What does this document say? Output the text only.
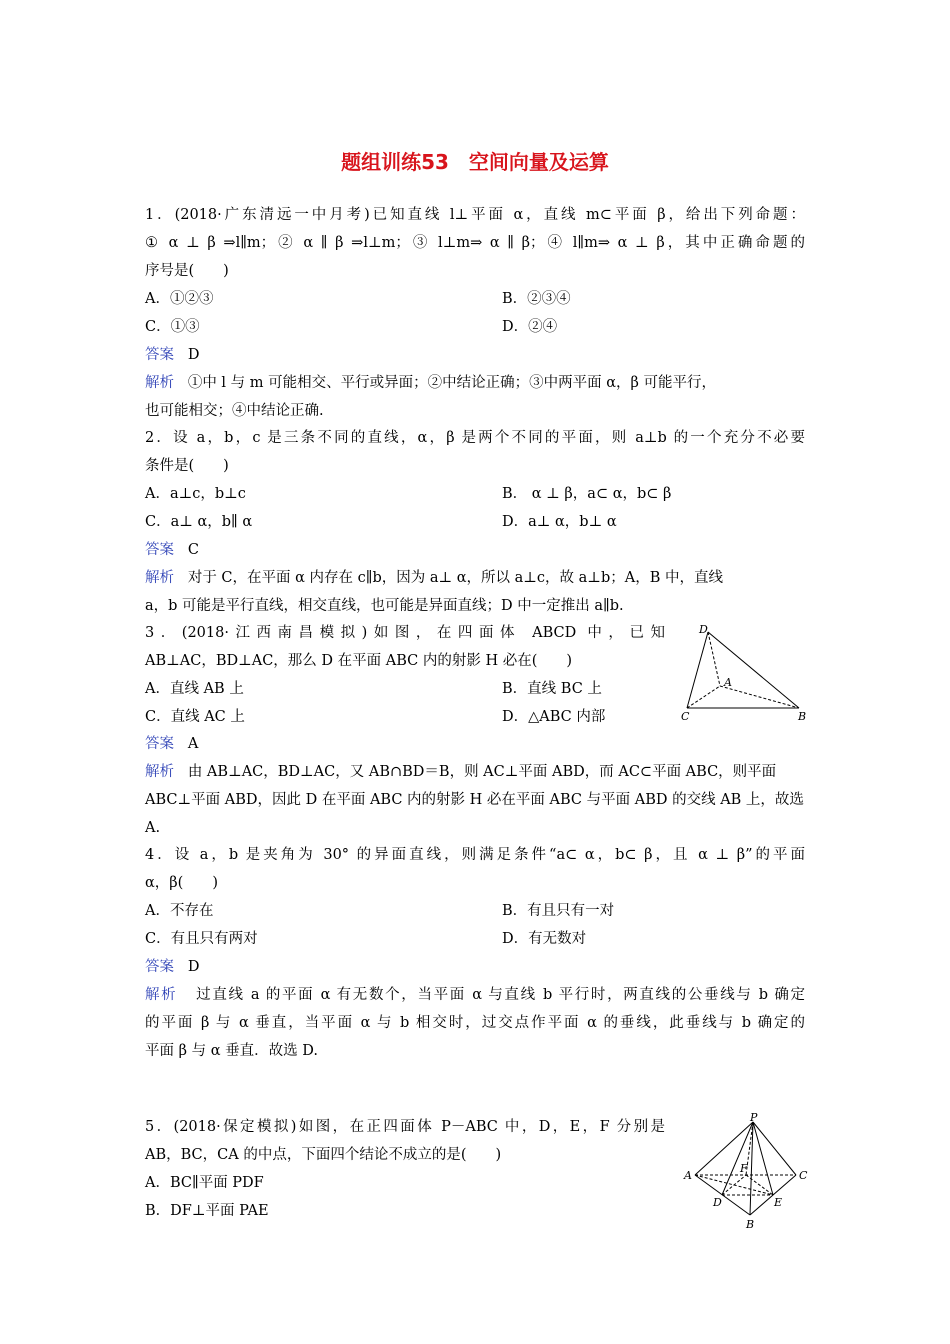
题组训练53　空间向量及运算
1．(2018·广东清远一中月考)已知直线 l⊥平面 α，直线 m⊂平面 β，给出下列命题：
① α ⊥ β ⇒l∥m；② α ∥ β ⇒l⊥m；③ l⊥m⇒ α ∥ β；④ l∥m⇒ α ⊥ β，其中正确命题的
序号是(　　)
A．①②③	B．②③④
C．①③	D．②④
答案 D
解析 ①中 l 与 m 可能相交、平行或异面；②中结论正确；③中两平面 α，β 可能平行，
也可能相交；④中结论正确.
2．设 a，b，c 是三条不同的直线，α，β 是两个不同的平面，则 a⊥b 的一个充分不必要
条件是(　　)
A．a⊥c，b⊥c	B． α ⊥ β，a⊂ α，b⊂ β
C．a⊥ α，b∥ α	D．a⊥ α，b⊥ α
答案 C
解析 对于 C，在平面 α 内存在 c∥b，因为 a⊥ α，所以 a⊥c，故 a⊥b；A，B 中，直线
a，b 可能是平行直线，相交直线，也可能是异面直线；D 中一定推出 a∥b.
3．(2018·江西南昌模拟)如图，在四面体 ABCD 中，已知
AB⊥AC，BD⊥AC，那么 D 在平面 ABC 内的射影 H 必在(　　)
A．直线 AB 上	B．直线 BC 上
C．直线 AC 上	D．△ABC 内部
答案 A
解析 由 AB⊥AC，BD⊥AC，又 AB∩BD＝B，则 AC⊥平面 ABD，而 AC⊂平面 ABC，则平面
ABC⊥平面 ABD，因此 D 在平面 ABC 内的射影 H 必在平面 ABC 与平面 ABD 的交线 AB 上，故选
A.
D
A
C	B
4．设 a，b 是夹角为 30° 的异面直线，则满足条件“a⊂ α，b⊂ β，且 α ⊥ β”的平面
α，β(　　)
A．不存在	B．有且只有一对
C．有且只有两对	D．有无数对
答案 D
解析 过直线 a 的平面 α 有无数个，当平面 α 与直线 b 平行时，两直线的公垂线与 b 确定
的平面 β 与 α 垂直，当平面 α 与 b 相交时，过交点作平面 α 的垂线，此垂线与 b 确定的
平面 β 与 α 垂直．故选 D.
5．(2018·保定模拟)如图，在正四面体 P－ABC 中，D，E，F 分别是
AB，BC，CA 的中点，下面四个结论不成立的是(　　)
A．BC∥平面 PDF
B．DF⊥平面 PAE
P
A	C
F
D	E
B
